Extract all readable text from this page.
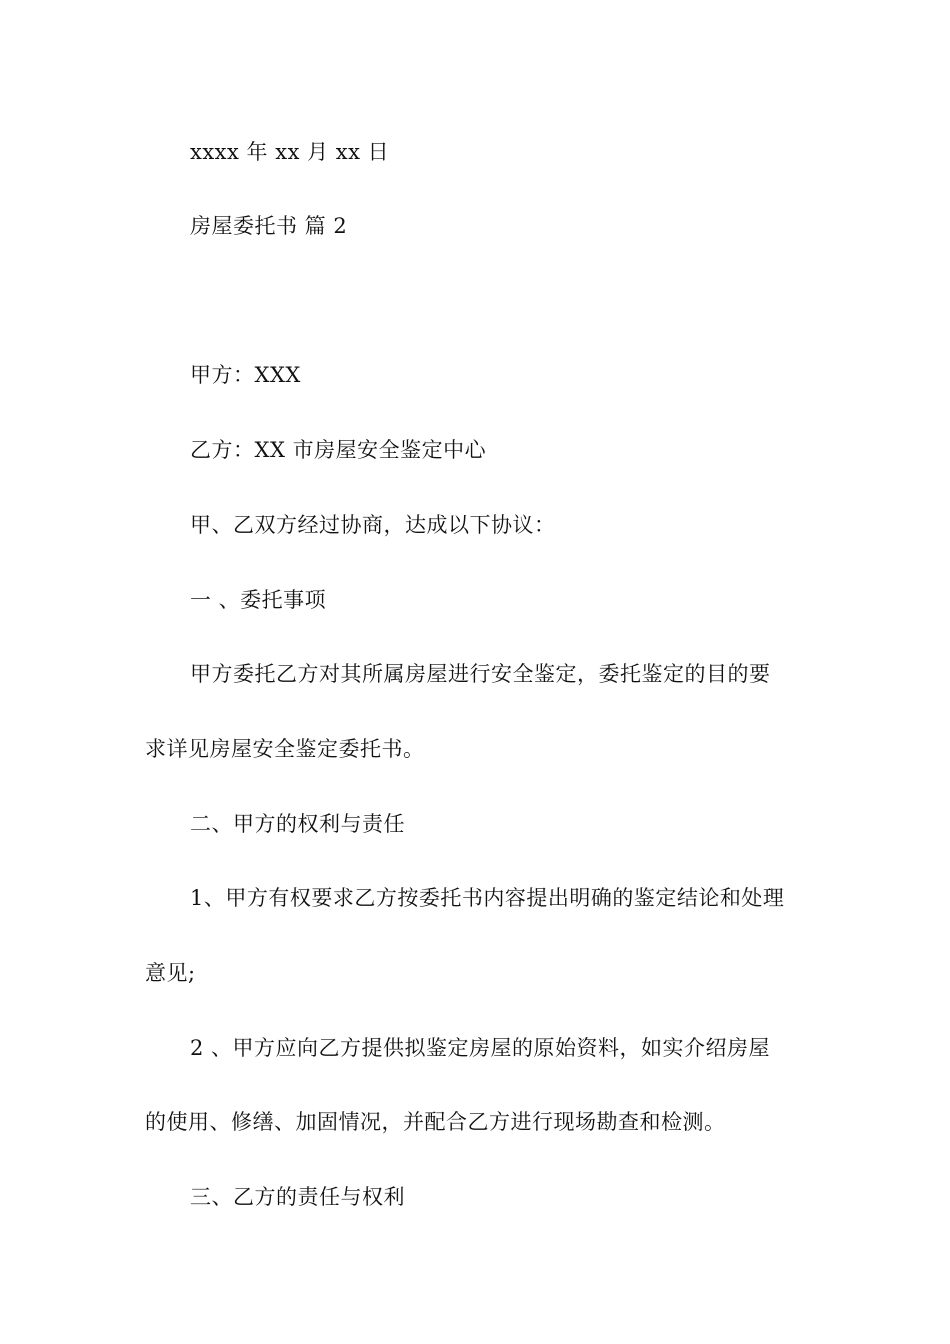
xxxx 年 xx 月 xx 日
房屋委托书 篇 2
甲方：XXX
乙方：XX 市房屋安全鉴定中心
甲、乙双方经过协商，达成以下协议：
一 、委托事项
甲方委托乙方对其所属房屋进行安全鉴定，委托鉴定的目的要
求详见房屋安全鉴定委托书。
二、甲方的权利与责任
1、甲方有权要求乙方按委托书内容提出明确的鉴定结论和处理
意见;
2 、甲方应向乙方提供拟鉴定房屋的原始资料，如实介绍房屋
的使用、修缮、加固情况，并配合乙方进行现场勘查和检测。
三、乙方的责任与权利
